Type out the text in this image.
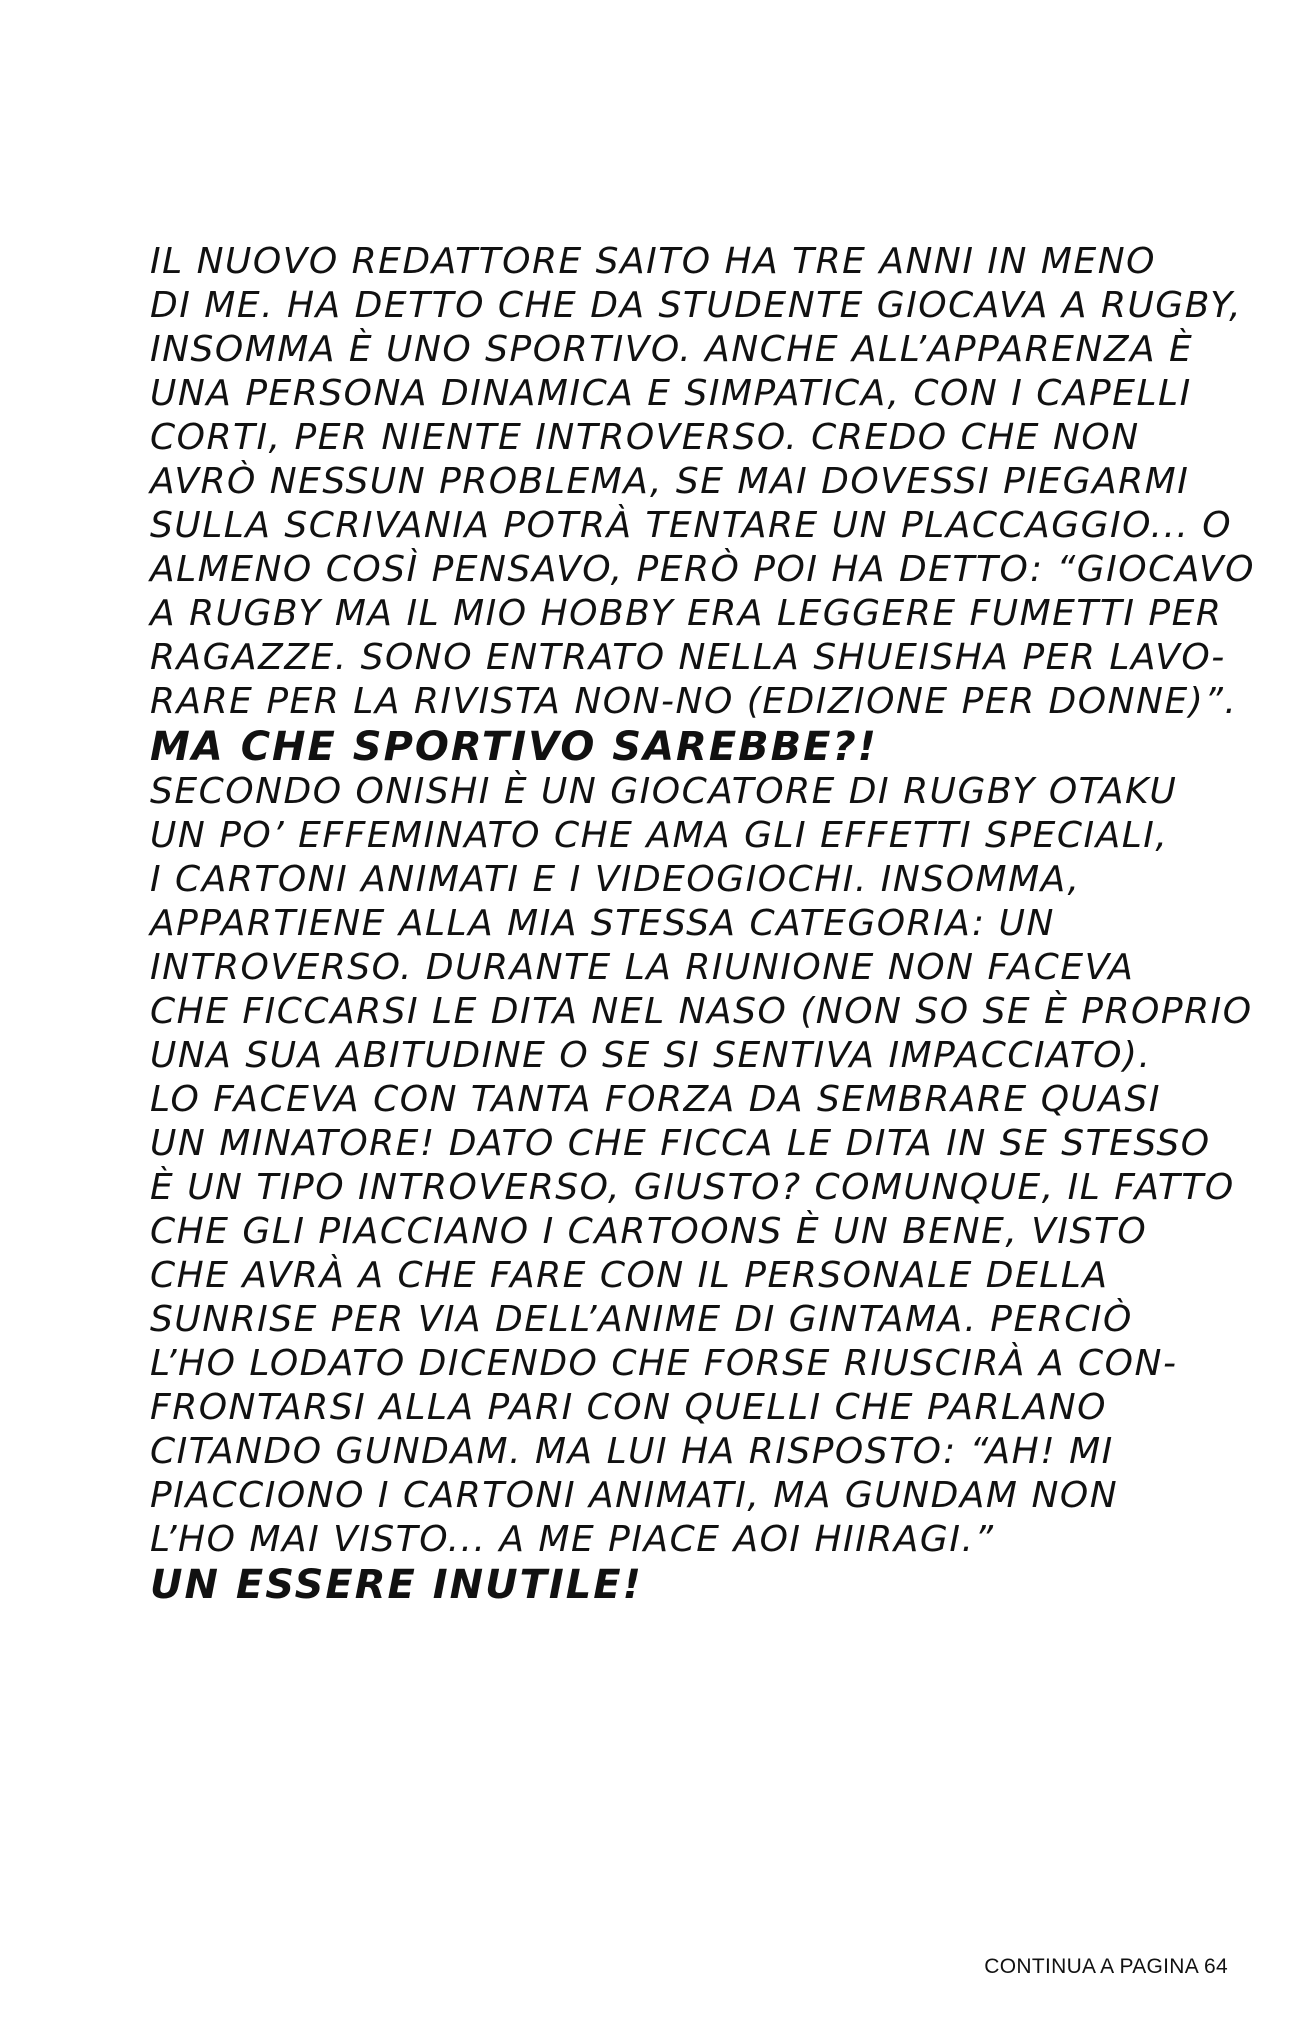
IL NUOVO REDATTORE SAITO HA TRE ANNI IN MENO
DI ME. HA DETTO CHE DA STUDENTE GIOCAVA A RUGBY,
INSOMMA È UNO SPORTIVO. ANCHE ALL’APPARENZA È
UNA PERSONA DINAMICA E SIMPATICA, CON I CAPELLI
CORTI, PER NIENTE INTROVERSO. CREDO CHE NON
AVRÒ NESSUN PROBLEMA, SE MAI DOVESSI PIEGARMI
SULLA SCRIVANIA POTRÀ TENTARE UN PLACCAGGIO... O
ALMENO COSÌ PENSAVO, PERÒ POI HA DETTO: “GIOCAVO
A RUGBY MA IL MIO HOBBY ERA LEGGERE FUMETTI PER
RAGAZZE. SONO ENTRATO NELLA SHUEISHA PER LAVO-
RARE PER LA RIVISTA NON-NO (EDIZIONE PER DONNE)”.
MA CHE SPORTIVO SAREBBE?!
SECONDO ONISHI È UN GIOCATORE DI RUGBY OTAKU
UN PO’ EFFEMINATO CHE AMA GLI EFFETTI SPECIALI,
I CARTONI ANIMATI E I VIDEOGIOCHI. INSOMMA,
APPARTIENE ALLA MIA STESSA CATEGORIA: UN
INTROVERSO. DURANTE LA RIUNIONE NON FACEVA
CHE FICCARSI LE DITA NEL NASO (NON SO SE È PROPRIO
UNA SUA ABITUDINE O SE SI SENTIVA IMPACCIATO).
LO FACEVA CON TANTA FORZA DA SEMBRARE QUASI
UN MINATORE! DATO CHE FICCA LE DITA IN SE STESSO
È UN TIPO INTROVERSO, GIUSTO? COMUNQUE, IL FATTO
CHE GLI PIACCIANO I CARTOONS È UN BENE, VISTO
CHE AVRÀ A CHE FARE CON IL PERSONALE DELLA
SUNRISE PER VIA DELL’ANIME DI GINTAMA. PERCIÒ
L’HO LODATO DICENDO CHE FORSE RIUSCIRÀ A CON-
FRONTARSI ALLA PARI CON QUELLI CHE PARLANO
CITANDO GUNDAM. MA LUI HA RISPOSTO: “AH! MI
PIACCIONO I CARTONI ANIMATI, MA GUNDAM NON
L’HO MAI VISTO... A ME PIACE AOI HIIRAGI.”
UN ESSERE INUTILE!
CONTINUA A PAGINA 64
